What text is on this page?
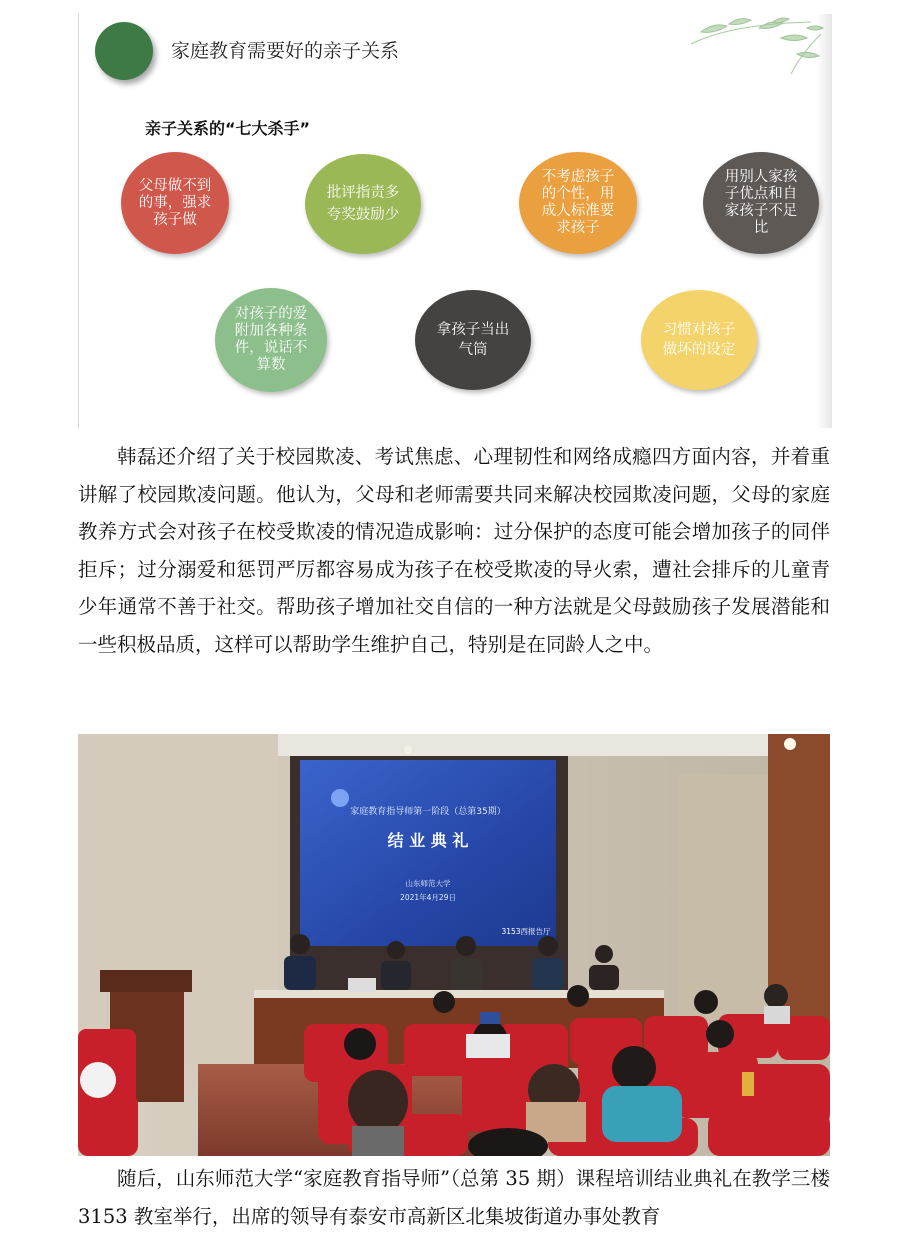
家庭教育需要好的亲子关系
亲子关系的“七大杀手”
父母做不到
的事，强求
孩子做
批评指责多
夸奖鼓励少
不考虑孩子
的个性，用
成人标准要
求孩子
用别人家孩
子优点和自
家孩子不足
比
对孩子的爱
附加各种条
件，说话不
算数
拿孩子当出
气筒
习惯对孩子
做坏的设定

韩磊还介绍了关于校园欺凌、考试焦虑、心理韧性和网络成瘾四方面内容，并着重讲解了校园欺凌问题。他认为，父母和老师需要共同来解决校园欺凌问题，父母的家庭教养方式会对孩子在校受欺凌的情况造成影响：过分保护的态度可能会增加孩子的同伴拒斥；过分溺爱和惩罚严厉都容易成为孩子在校受欺凌的导火索，遭社会排斥的儿童青少年通常不善于社交。帮助孩子增加社交自信的一种方法就是父母鼓励孩子发展潜能和一些积极品质，这样可以帮助学生维护自己，特别是在同龄人之中。

家庭教育指导师第一阶段（总第35期）
结 业 典 礼
山东师范大学
2021年4月29日
3153西报告厅

随后，山东师范大学“家庭教育指导师”（总第 35 期）课程培训结业典礼在教学三楼 3153 教室举行，出席的领导有泰安市高新区北集坡街道办事处教育
